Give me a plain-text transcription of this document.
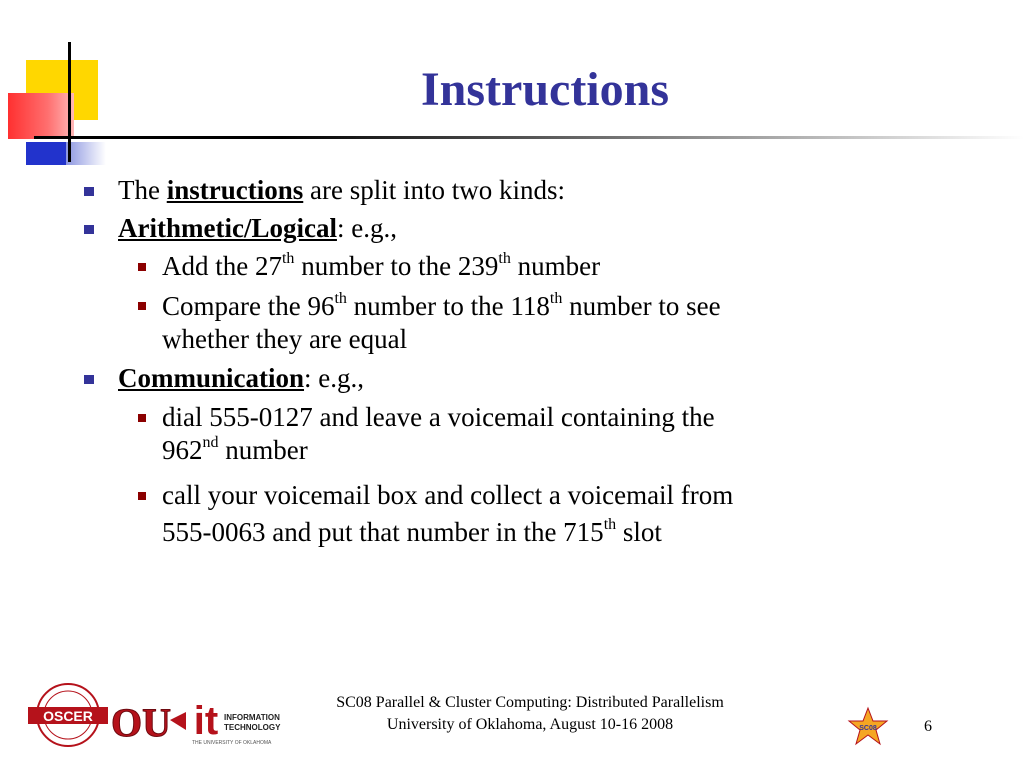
Instructions
The instructions are split into two kinds:
Arithmetic/Logical: e.g.,
Add the 27th number to the 239th number
Compare the 96th number to the 118th number to see
whether they are equal
Communication: e.g.,
dial 555-0127 and leave a voicemail containing the
962nd number
call your voicemail box and collect a voicemail from
555-0063 and put that number in the 715th slot
OSCER OU it INFORMATION
TECHNOLOGY
THE UNIVERSITY OF OKLAHOMA
SC08 Parallel & Cluster Computing: Distributed Parallelism
University of Oklahoma, August 10-16 2008	SC08	6
